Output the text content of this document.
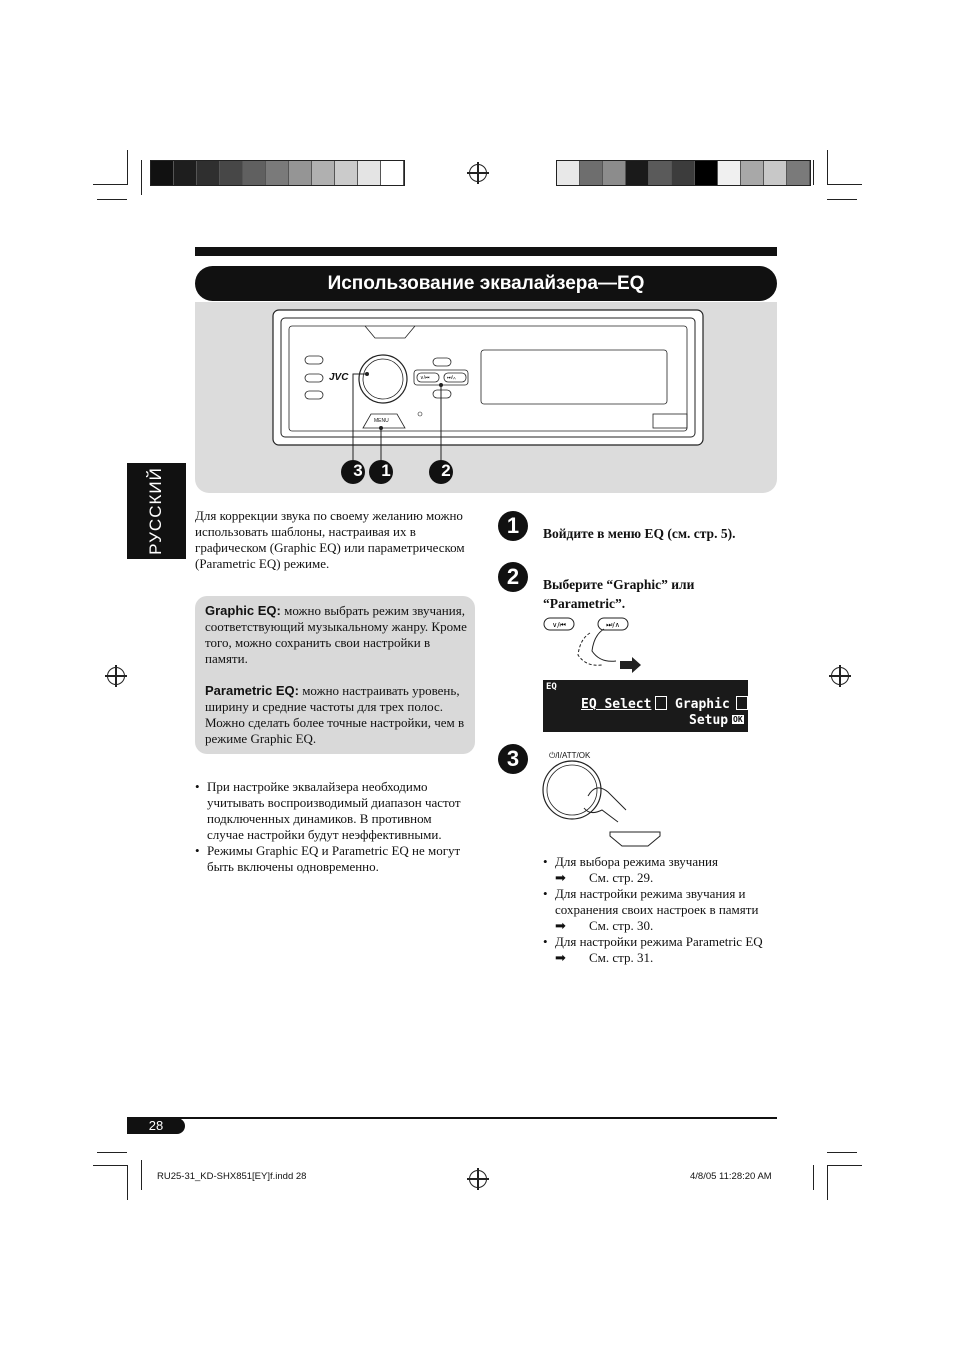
Использование эквалайзера—EQ
JVC
MENU
∨/⏮	⏭/∧
3	1	2
РУССКИЙ Для коррекции звука по своему желанию можно использовать шаблоны, настраивая их в графическом (Graphic EQ) или параметрическом (Parametric EQ) режиме.
Graphic EQ: можно выбрать режим звучания, соответствующий музыкальному жанру. Кроме того, можно сохранить свои настройки в памяти.
Parametric EQ: можно настраивать уровень, ширину и средние частоты для трех полос. Можно сделать более точные настройки, чем в режиме Graphic EQ.
• При настройке эквалайзера необходимо учитывать воспроизводимый диапазон частот подключенных динамиков. В противном случае настройки будут неэффективными.
• Режимы Graphic EQ и Parametric EQ не могут быть включены одновременно.
1	Войдите в меню EQ (см. стр. 5).
2	Выберите “Graphic” или “Parametric”.
∨/⏮	⏭/∧
EQ
EQ Select Graphic
Setup OK
3	⏻/I/ATT/OK
• Для выбора режима звучания
➡ См. стр. 29.
• Для настройки режима звучания и сохранения своих настроек в памяти
➡ См. стр. 30.
• Для настройки режима Parametric EQ
➡ См. стр. 31.
28
RU25-31_KD-SHX851[EY]f.indd 28	4/8/05 11:28:20 AM
